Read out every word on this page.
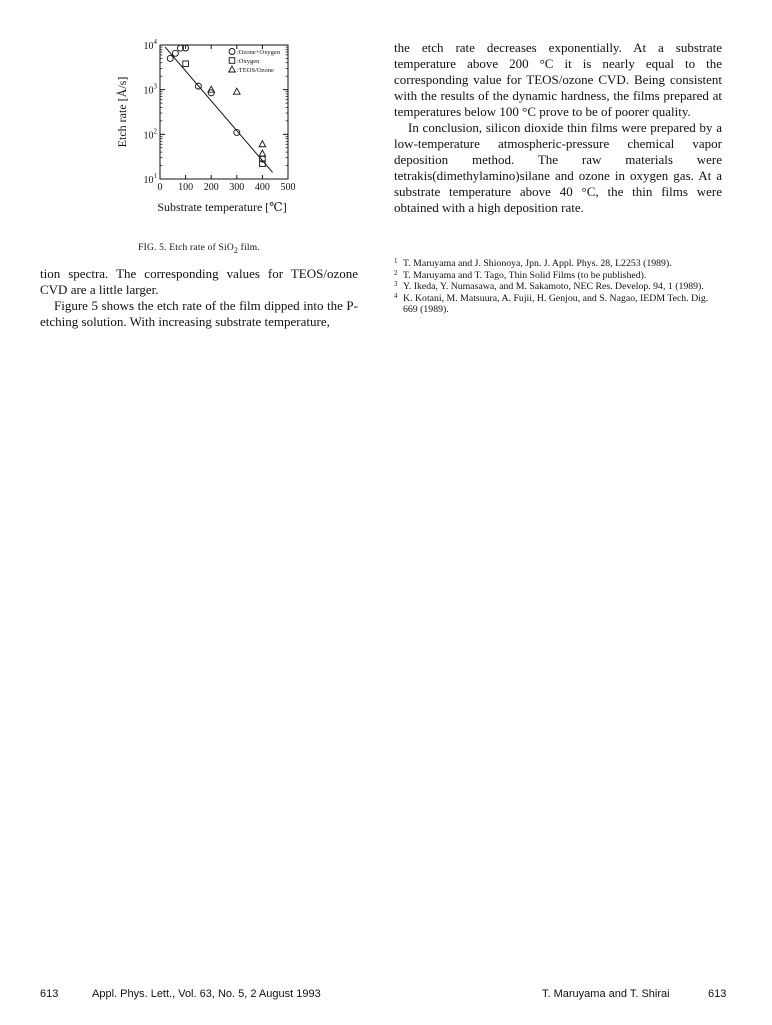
:Ozone+Oxygen
:Oxygen
:TEOS/Ozone
0 100 200 300 400 500
$10^1$
$10^2$
$10^3$
$10^4$
Etch rate [Å/s]
Substrate temperature [℃]
FIG. 5. Etch rate of SiO$_2$ film.

the etch rate decreases exponentially. At a substrate temperature above 200 °C it is nearly equal to the corresponding value for TEOS/ozone CVD. Being consistent with the results of the dynamic hardness, the films prepared at temperatures below 100 °C prove to be of poorer quality.

In conclusion, silicon dioxide thin films were prepared by a low-temperature atmospheric-pressure chemical vapor deposition method. The raw materials were tetrakis(dimethylamino)silane and ozone in oxygen gas. At a substrate temperature above 40 °C, the thin films were obtained with a high deposition rate.

tion spectra. The corresponding values for TEOS/ozone CVD are a little larger.

Figure 5 shows the etch rate of the film dipped into the P-etching solution. With increasing substrate temperature,

1 T. Maruyama and J. Shionoya, Jpn. J. Appl. Phys. 28, L2253 (1989).

2 T. Maruyama and T. Tago, Thin Solid Films (to be published).

3 Y. Ikeda, Y. Numasawa, and M. Sakamoto, NEC Res. Develop. 94, 1 (1989).

4 K. Kotani, M. Matsuura, A. Fujii, H. Genjou, and S. Nagao, IEDM Tech. Dig. 669 (1989).

613	Appl. Phys. Lett., Vol. 63, No. 5, 2 August 1993	T. Maruyama and T. Shirai	613
